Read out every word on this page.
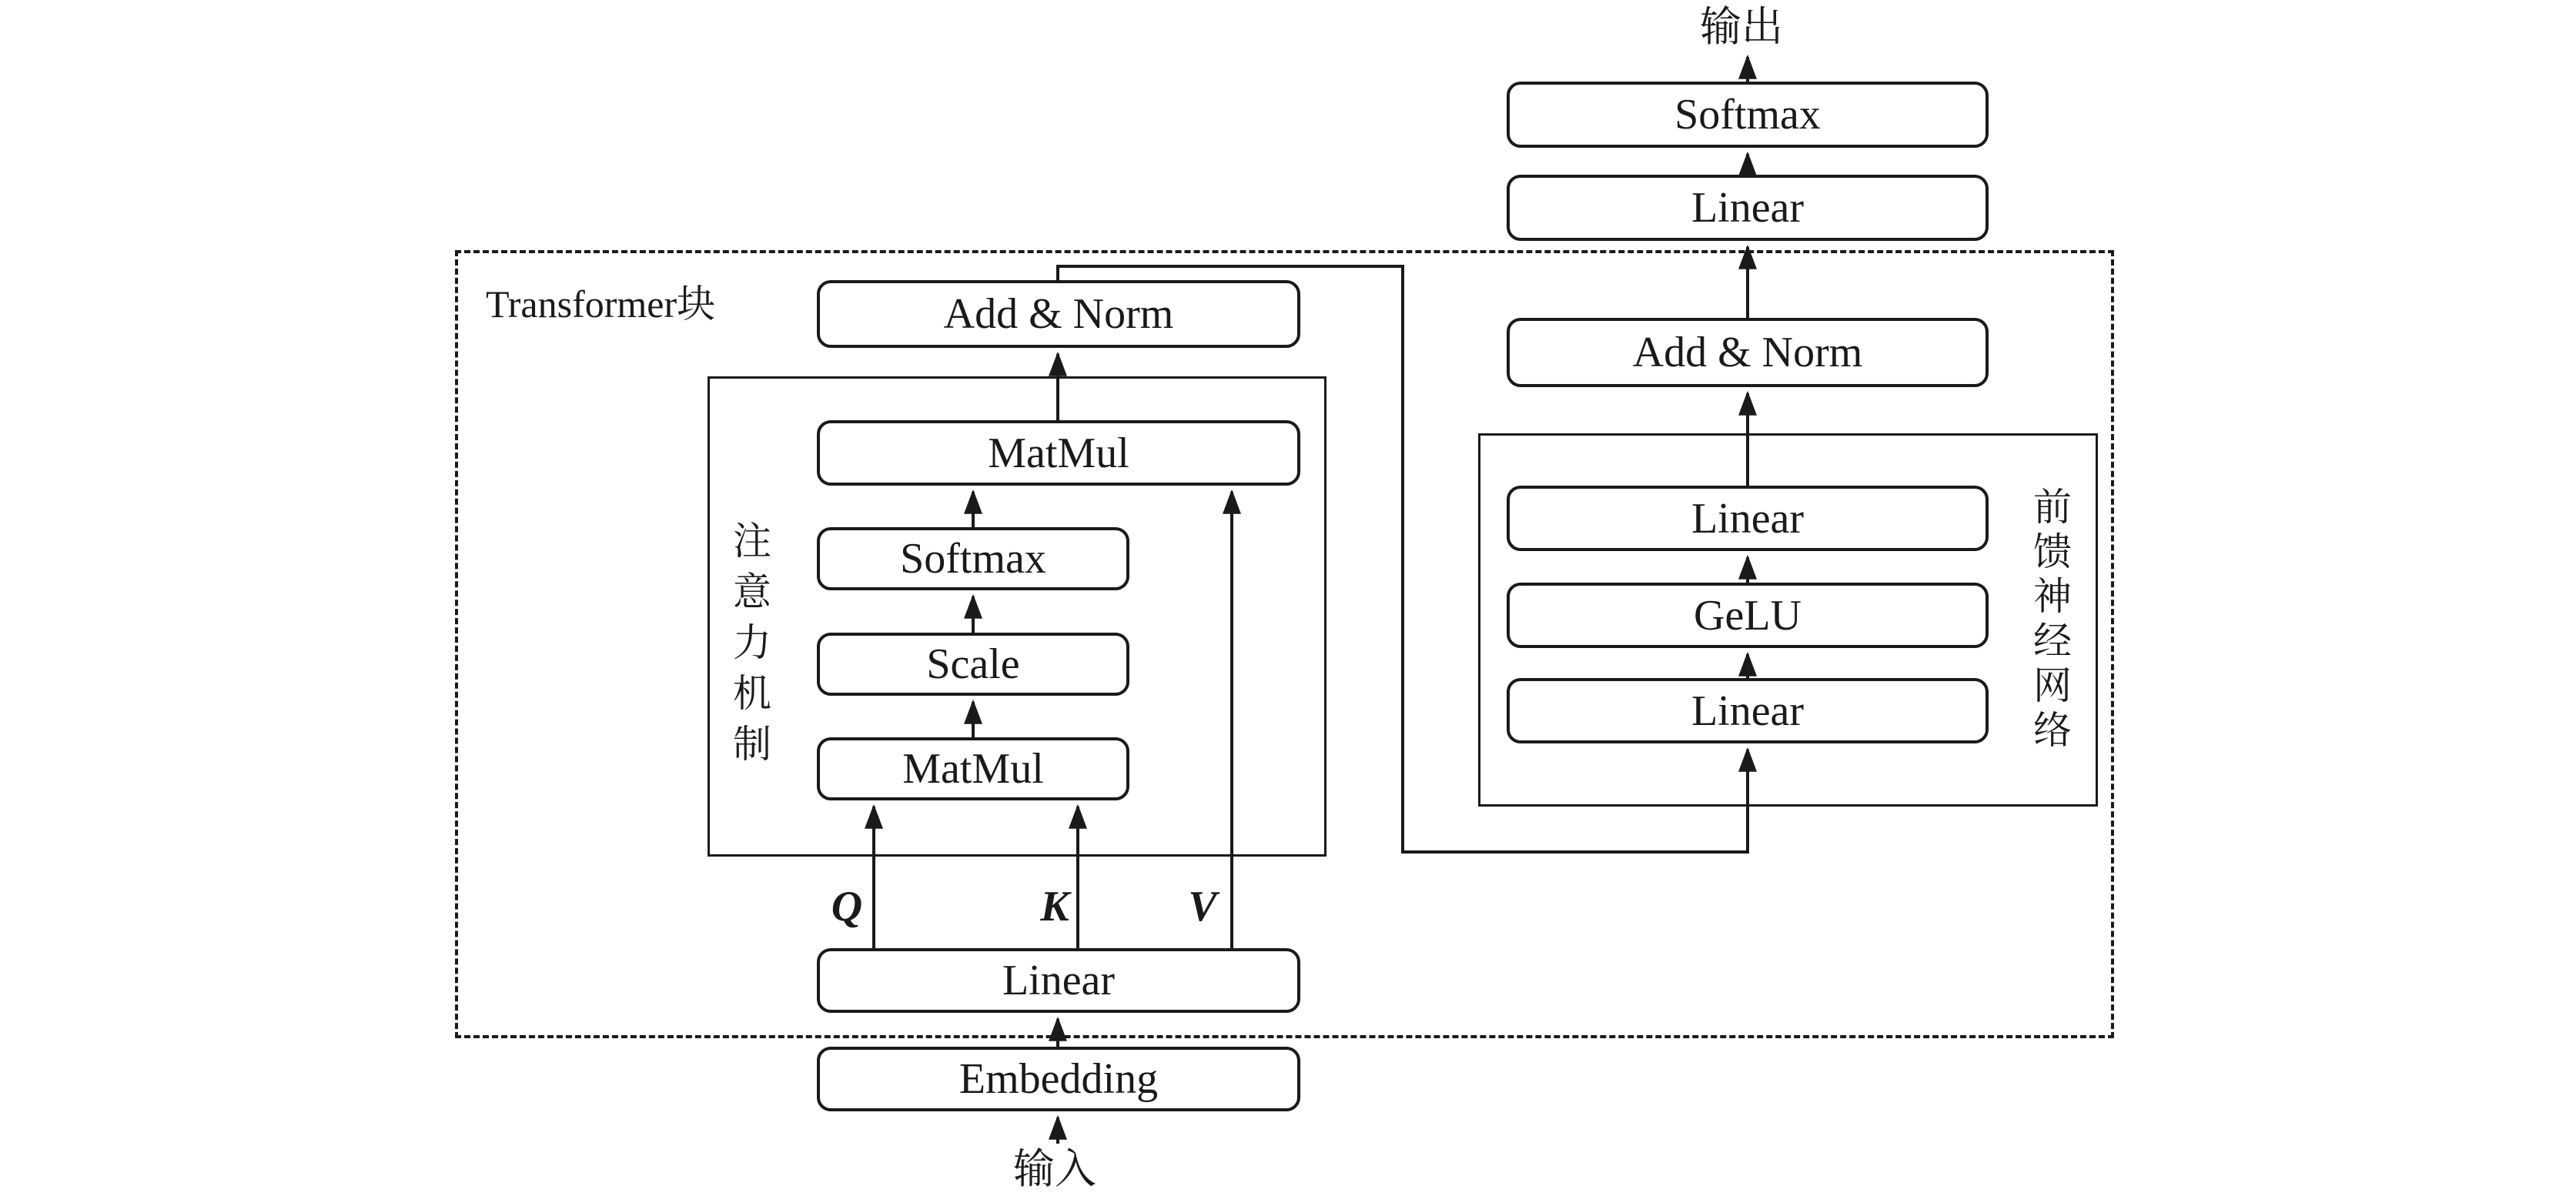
Transformer块
注意力机制	前馈神经网络
Add & Norm
MatMul
Softmax
Scale
MatMul
Linear
Embedding
Softmax
Linear
Add & Norm
Linear
GeLU
Linear
Q	K	V
输出
输入
